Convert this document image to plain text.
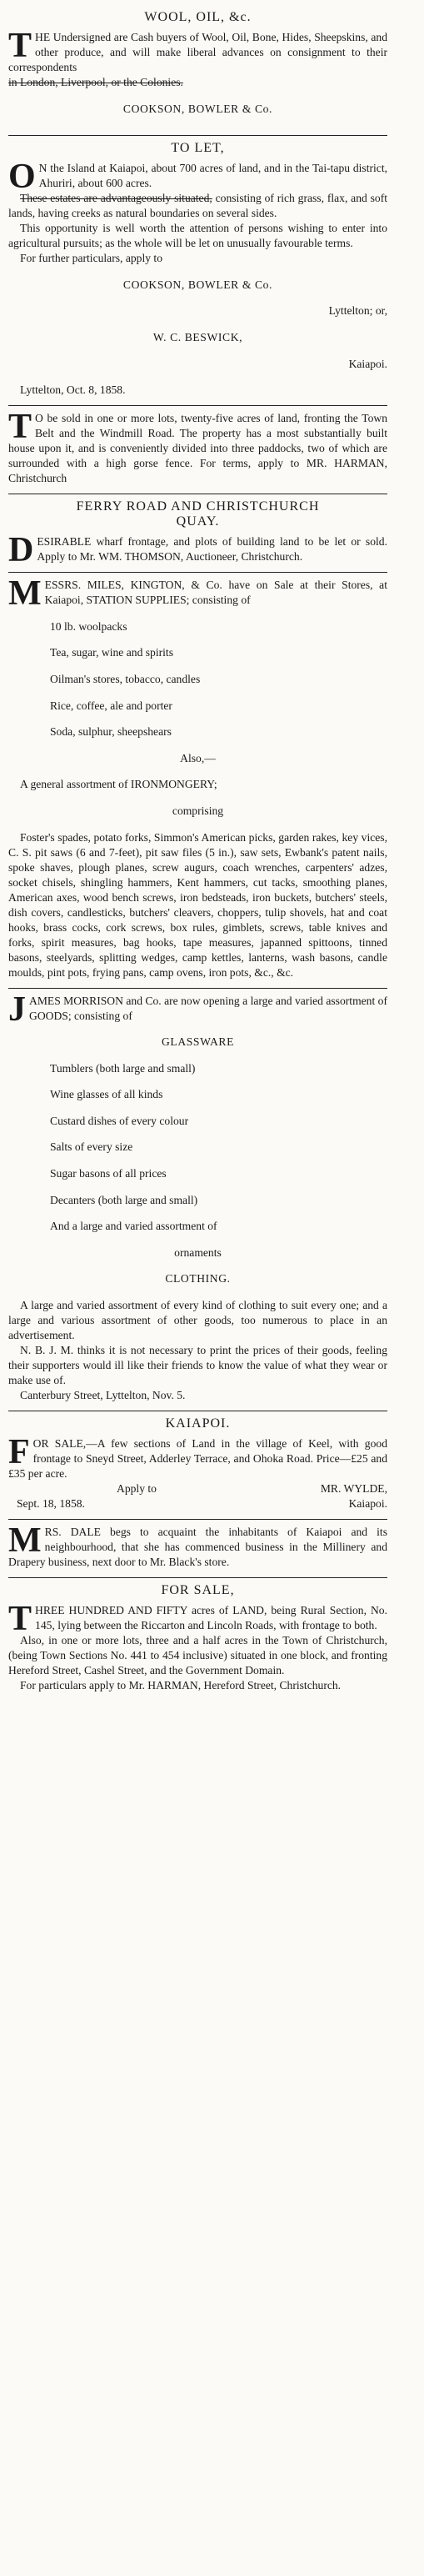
WOOL, OIL, &c.

THE Undersigned are Cash buyers of Wool, Oil, Bone, Hides, Sheepskins, and other produce, and will make liberal advances on consignment to their correspondents

in London, Liverpool, or the Colonies.

COOKSON, BOWLER & Co.

TO LET,

ON the Island at Kaiapoi, about 700 acres of land, and in the Tai-tapu district, Ahuriri, about 600 acres.

These estates are advantageously situated, consisting of rich grass, flax, and soft lands, having creeks as natural boundaries on several sides.

This opportunity is well worth the attention of persons wishing to enter into agricultural pursuits; as the whole will be let on unusually favourable terms.

For further particulars, apply to

COOKSON, BOWLER & Co.

Lyttelton; or,

W. C. BESWICK,

Kaiapoi.

Lyttelton, Oct. 8, 1858.

TO be sold in one or more lots, twenty-five acres of land, fronting the Town Belt and the Windmill Road. The property has a most substantially built house upon it, and is conveniently divided into three paddocks, two of which are surrounded with a high gorse fence. For terms, apply to MR. HARMAN, Christchurch

FERRY ROAD AND CHRISTCHURCH
QUAY.

DESIRABLE wharf frontage, and plots of building land to be let or sold. Apply to Mr. WM. THOMSON, Auctioneer, Christchurch.

MESSRS. MILES, KINGTON, & Co. have on Sale at their Stores, at Kaiapoi, STATION SUPPLIES; consisting of

10 lb. woolpacks

Tea, sugar, wine and spirits

Oilman's stores, tobacco, candles

Rice, coffee, ale and porter

Soda, sulphur, sheepshears

Also,—

A general assortment of IRONMONGERY;

comprising

Foster's spades, potato forks, Simmon's American picks, garden rakes, key vices, C. S. pit saws (6 and 7-feet), pit saw files (5 in.), saw sets, Ewbank's patent nails, spoke shaves, plough planes, screw augurs, coach wrenches, carpenters' adzes, socket chisels, shingling hammers, Kent hammers, cut tacks, smoothing planes, American axes, wood bench screws, iron bedsteads, iron buckets, butchers' steels, dish covers, candlesticks, butchers' cleavers, choppers, tulip shovels, hat and coat hooks, brass cocks, cork screws, box rules, gimblets, screws, table knives and forks, spirit measures, bag hooks, tape measures, japanned spittoons, tinned basons, steelyards, splitting wedges, camp kettles, lanterns, wash basons, candle moulds, pint pots, frying pans, camp ovens, iron pots, &c., &c.

JAMES MORRISON and Co. are now opening a large and varied assortment of GOODS; consisting of

GLASSWARE

Tumblers (both large and small)

Wine glasses of all kinds

Custard dishes of every colour

Salts of every size

Sugar basons of all prices

Decanters (both large and small)

And a large and varied assortment of

ornaments

CLOTHING.

A large and varied assortment of every kind of clothing to suit every one; and a large and various assortment of other goods, too numerous to place in an advertisement.

N. B. J. M. thinks it is not necessary to print the prices of their goods, feeling their supporters would ill like their friends to know the value of what they wear or make use of.

Canterbury Street, Lyttelton, Nov. 5.

KAIAPOI.

FOR SALE,—A few sections of Land in the village of Keel, with good frontage to Sneyd Street, Adderley Terrace, and Ohoka Road. Price—£25 and £35 per acre.

Apply to	MR. WYLDE,
Sept. 18, 1858.	Kaiapoi.

MRS. DALE begs to acquaint the inhabitants of Kaiapoi and its neighbourhood, that she has commenced business in the Millinery and Drapery business, next door to Mr. Black's store.

FOR SALE,

THREE HUNDRED AND FIFTY acres of LAND, being Rural Section, No. 145, lying between the Riccarton and Lincoln Roads, with frontage to both.

Also, in one or more lots, three and a half acres in the Town of Christchurch, (being Town Sections No. 441 to 454 inclusive) situated in one block, and fronting Hereford Street, Cashel Street, and the Government Domain.

For particulars apply to Mr. HARMAN, Hereford Street, Christchurch.
